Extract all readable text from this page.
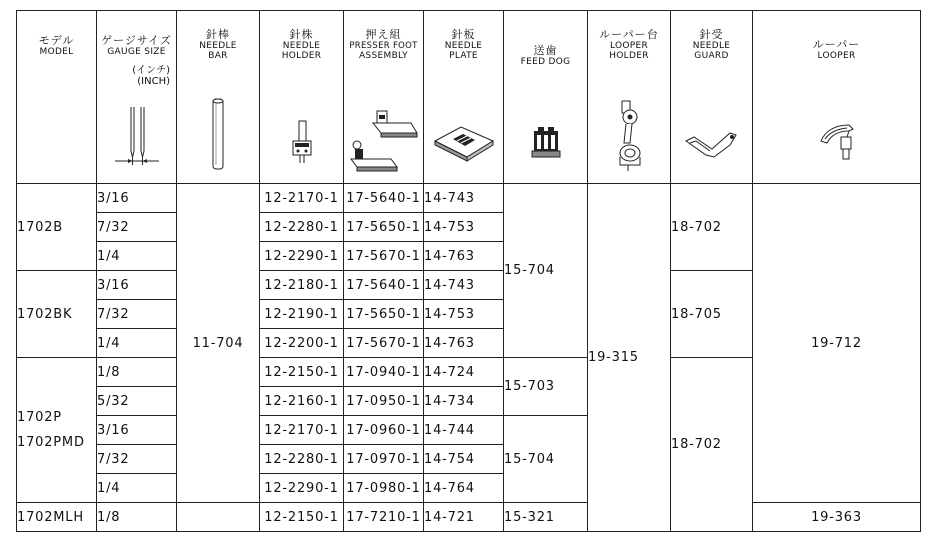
モデル
MODEL	ゲージサイズ
GAUGE SIZE
(インチ)
(INCH)	針棒
NEEDLE
BAR	針株
NEEDLE
HOLDER	押え組
PRESSER FOOT
ASSEMBLY	針板
NEEDLE
PLATE	送歯
FEED DOG	ルーパー台
LOOPER
HOLDER	針受
NEEDLE
GUARD	ルーパー
LOOPER

1702B	3/16	11-704	12-2170-1	17-5640-1	14-743	15-704	19-315	18-702	19-712
	7/32		12-2280-1	17-5650-1	14-753				
	1/4		12-2290-1	17-5670-1	14-763				
1702BK	3/16		12-2180-1	17-5640-1	14-743			18-705	
	7/32		12-2190-1	17-5650-1	14-753				
	1/4		12-2200-1	17-5670-1	14-763				

1702P
1702PMD	1/8		12-2150-1	17-0940-1	14-724	15-703		18-702	
	5/32		12-2160-1	17-0950-1	14-734				
	3/16		12-2170-1	17-0960-1	14-744	15-704			
	7/32		12-2280-1	17-0970-1	14-754				
	1/4		12-2290-1	17-0980-1	14-764				
1702MLH	1/8		12-2150-1	17-7210-1	14-721	15-321			19-363
